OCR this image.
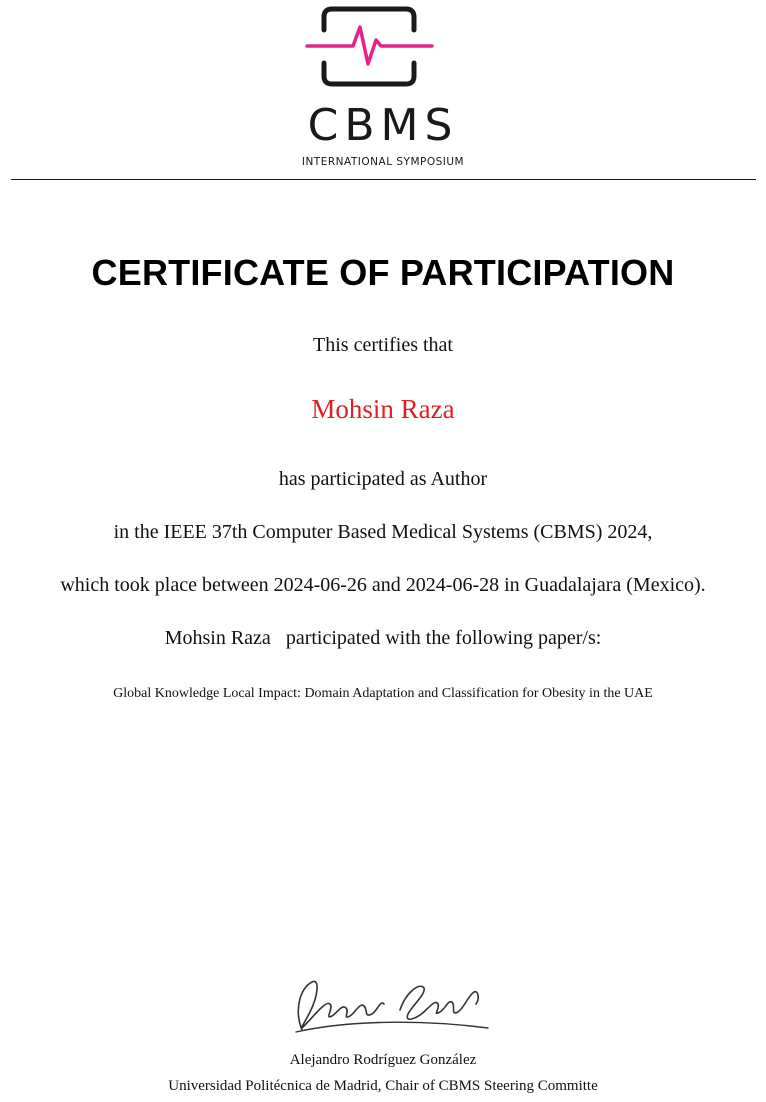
CBMS
INTERNATIONAL SYMPOSIUM
CERTIFICATE OF PARTICIPATION
This certifies that
Mohsin Raza
has participated as Author
in the IEEE 37th Computer Based Medical Systems (CBMS) 2024,
which took place between 2024-06-26 and 2024-06-28 in Guadalajara (Mexico).
Mohsin Raza participated with the following paper/s:
Global Knowledge Local Impact: Domain Adaptation and Classification for Obesity in the UAE
Alejandro Rodríguez González
Universidad Politécnica de Madrid, Chair of CBMS Steering Committe
